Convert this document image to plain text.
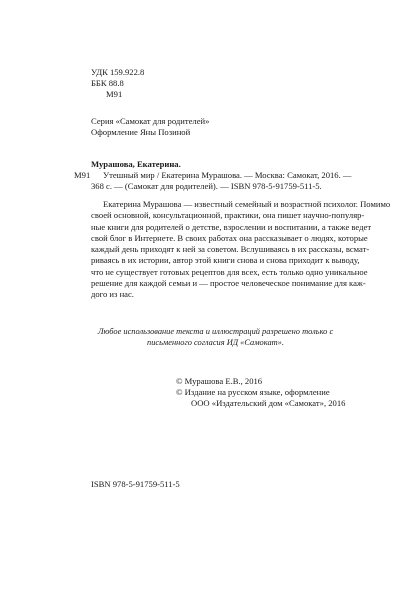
УДК 159.922.8
ББК 88.8
М91
Серия «Самокат для родителей»
Оформление Яны Позиной
Мурашова, Екатерина.
М91 Утешный мир / Екатерина Мурашова. — Москва: Самокат, 2016. —
368 с. — (Самокат для родителей). — ISBN 978-5-91759-511-5.
Екатерина Мурашова — известный семейный и возрастной психолог. Помимо
своей основной, консультационной, практики, она пишет научно-популяр-
ные книги для родителей о детстве, взрослении и воспитании, а также ведет
свой блог в Интернете. В своих работах она рассказывает о людях, которые
каждый день приходят к ней за советом. Вслушиваясь в их рассказы, всмат-
риваясь в их истории, автор этой книги снова и снова приходит к выводу,
что не существует готовых рецептов для всех, есть только одно уникальное
решение для каждой семьи и — простое человеческое понимание для каж-
дого из нас.
Любое использование текста и иллюстраций разрешено только с
письменного согласия ИД «Самокат».
© Мурашова Е.В., 2016
© Издание на русском языке, оформление
ООО «Издательский дом «Самокат», 2016
ISBN 978-5-91759-511-5
